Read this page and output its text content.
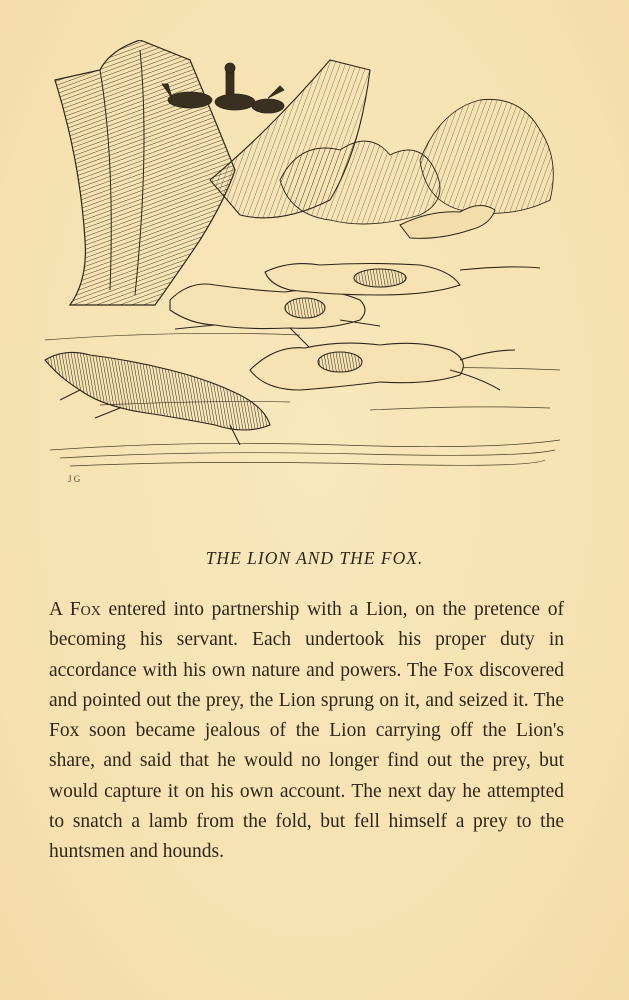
J G
THE LION AND THE FOX.
A Fox entered into partnership with a Lion, on the pretence of becoming his servant. Each undertook his proper duty in accordance with his own nature and powers. The Fox discovered and pointed out the prey, the Lion sprung on it, and seized it. The Fox soon became jealous of the Lion carrying off the Lion's share, and said that he would no longer find out the prey, but would capture it on his own account. The next day he attempted to snatch a lamb from the fold, but fell himself a prey to the huntsmen and hounds.
